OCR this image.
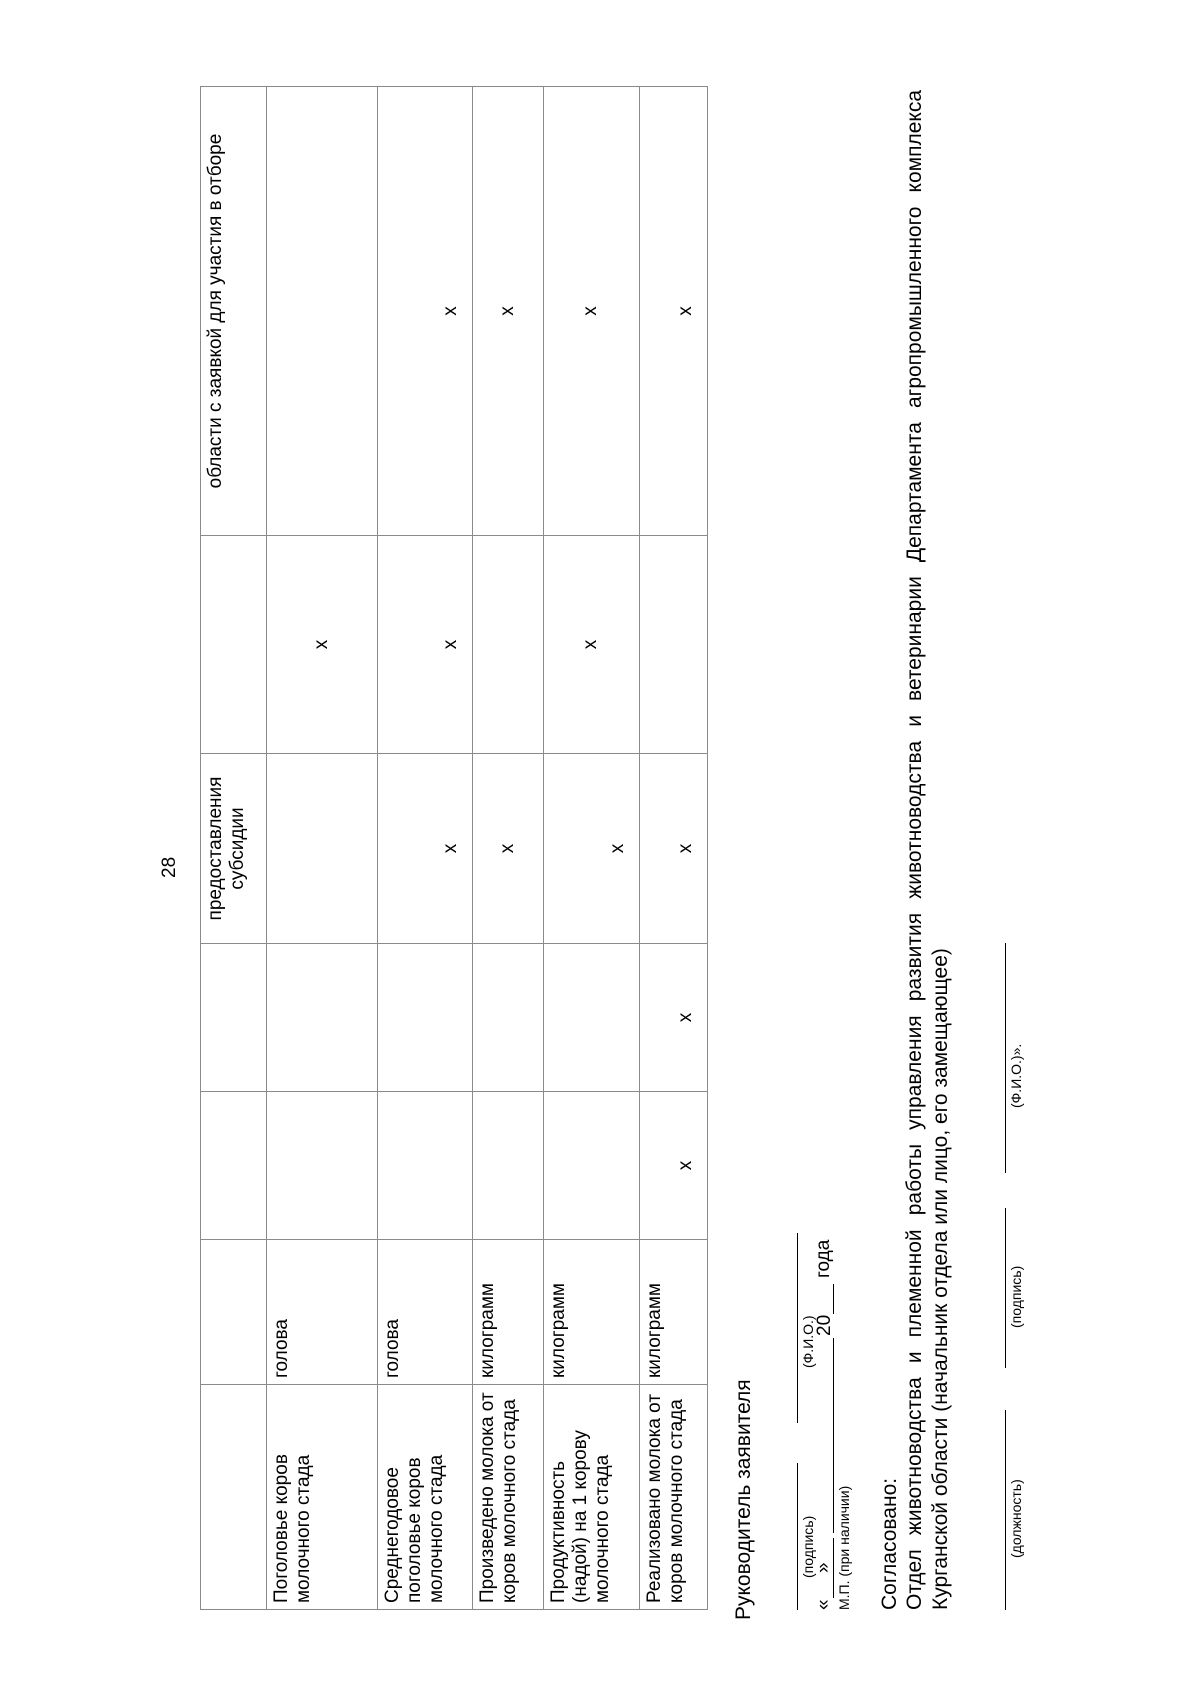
28
				предоставления субсидии		области с заявкой для участия в отборе
Поголовье коров молочного стада	голова				х	
Среднегодовое поголовье коров молочного стада	голова			х	х	х
Произведено молока от коров молочного стада	килограмм			х		х
Продуктивность (надой) на 1 корову молочного стада	килограмм			х	х	х
Реализовано молока от коров молочного стада	килограмм	х	х	х		х
Руководитель заявителя	(подпись)
(Ф.И.О.)
«
»
20
года
М.П. (при наличии) Согласовано: Отдел животноводства и племенной работы управления развития животноводства и ветеринарии Департамента агропромышленного комплекса Курганской области (начальник отдела или лицо, его замещающее)	(должность)
(подпись)
(Ф.И.О.)».
